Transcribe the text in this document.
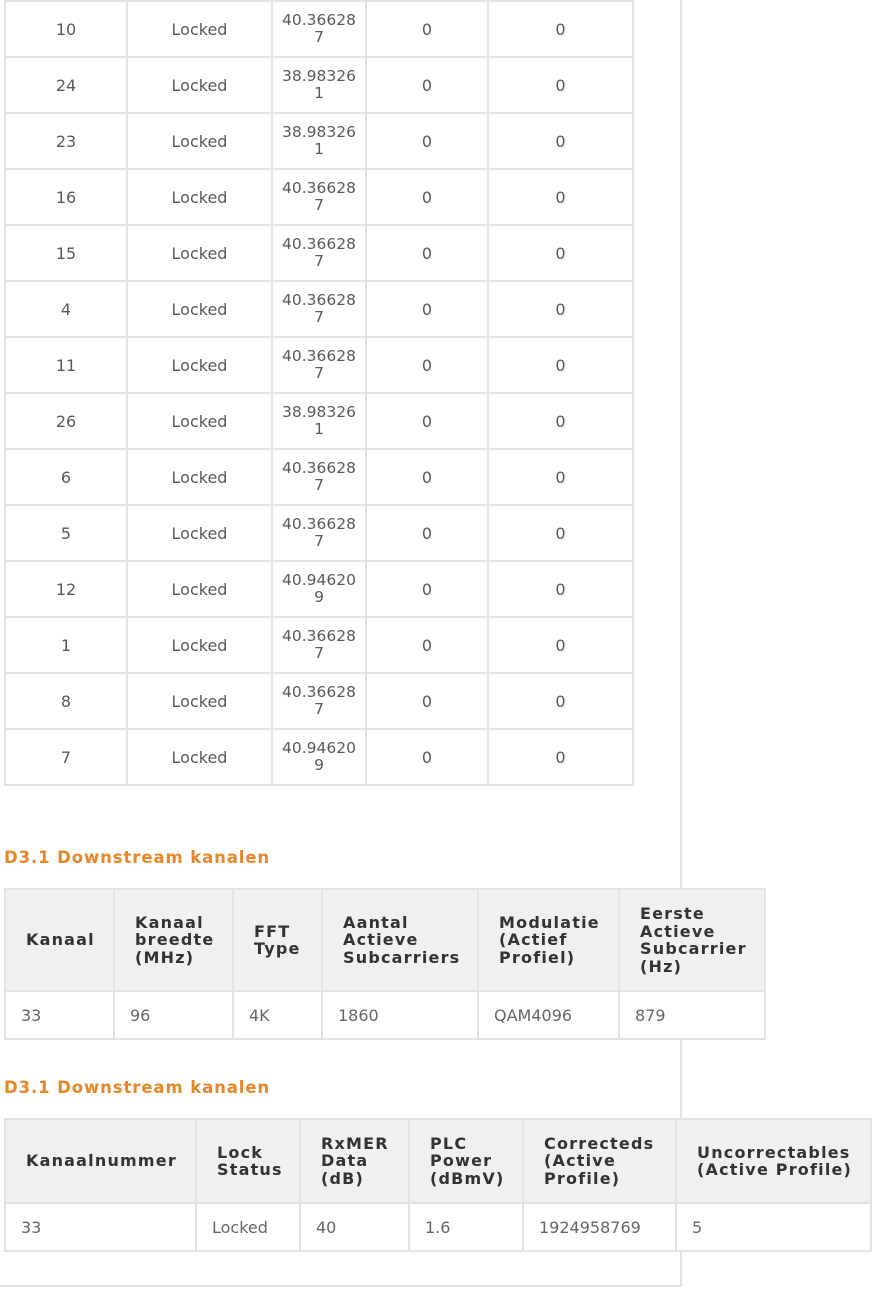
10	Locked	40.366287	0	0
24	Locked	38.983261	0	0
23	Locked	38.983261	0	0
16	Locked	40.366287	0	0
15	Locked	40.366287	0	0
4	Locked	40.366287	0	0
11	Locked	40.366287	0	0
26	Locked	38.983261	0	0
6	Locked	40.366287	0	0
5	Locked	40.366287	0	0
12	Locked	40.946209	0	0
1	Locked	40.366287	0	0
8	Locked	40.366287	0	0
7	Locked	40.946209	0	0
D3.1 Downstream kanalen
Kanaal	Kanaal breedte (MHz)	FFT Type	Aantal Actieve Subcarriers	Modulatie (Actief Profiel)	Eerste Actieve Subcarrier (Hz)
33	96	4K	1860	QAM4096	879
D3.1 Downstream kanalen
Kanaalnummer	Lock Status	RxMER Data (dB)	PLC Power (dBmV)	Correcteds (Active Profile)	Uncorrectables (Active Profile)
33	Locked	40	1.6	1924958769	5
